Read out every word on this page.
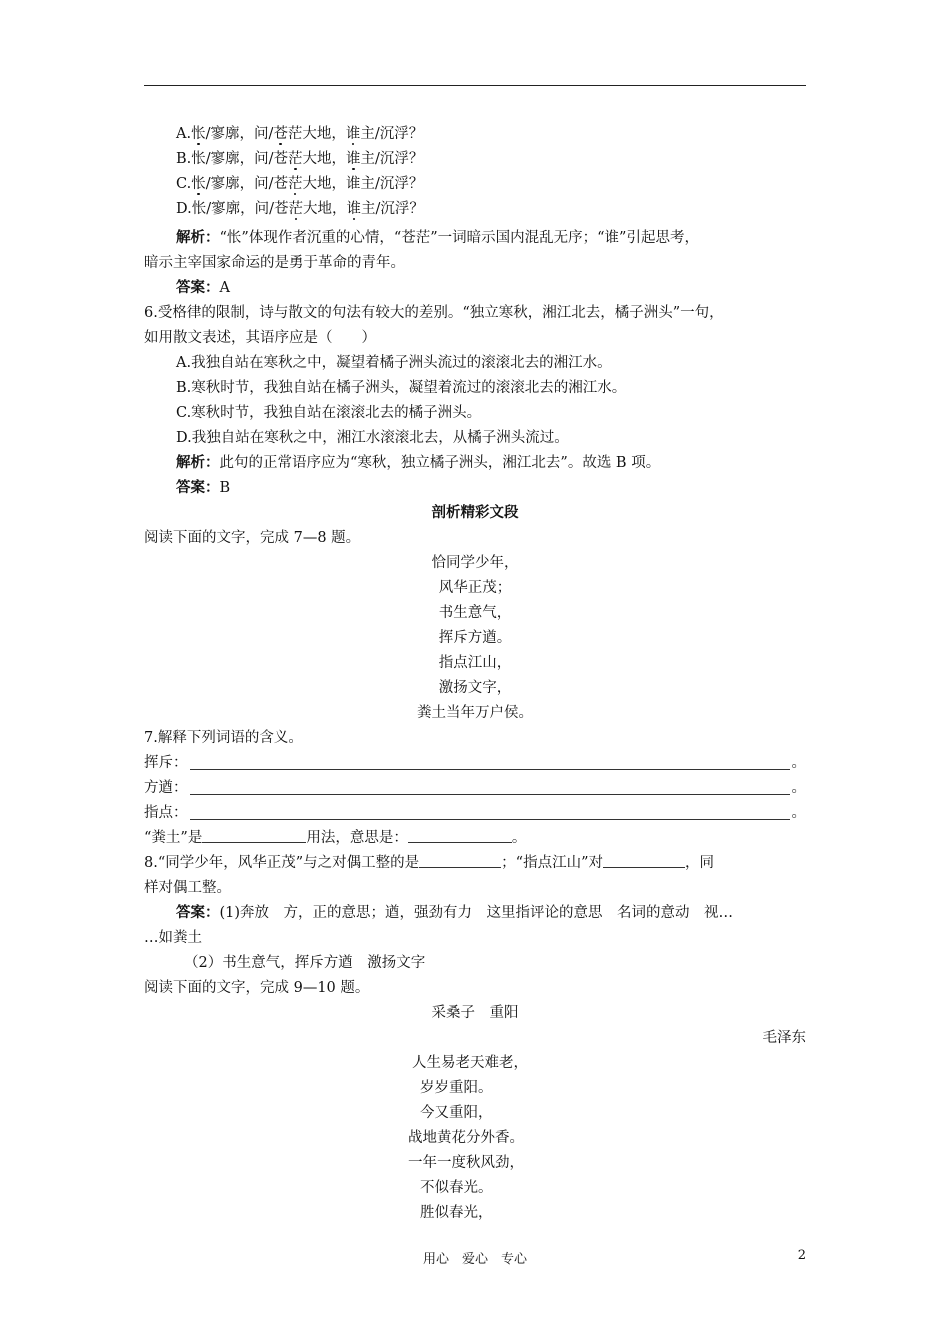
A.怅/寥廓，问/苍茫大地，谁主/沉浮？
B.怅/寥廓，问/苍茫大地，谁主/沉浮？
C.怅/寥廓，问/苍茫大地，谁主/沉浮？
D.怅/寥廓，问/苍茫大地，谁主/沉浮？
解析：“怅”体现作者沉重的心情，“苍茫”一词暗示国内混乱无序；“谁”引起思考，
暗示主宰国家命运的是勇于革命的青年。
答案：A
6.受格律的限制，诗与散文的句法有较大的差别。“独立寒秋，湘江北去，橘子洲头”一句，
如用散文表述，其语序应是（　　）
A.我独自站在寒秋之中，凝望着橘子洲头流过的滚滚北去的湘江水。
B.寒秋时节，我独自站在橘子洲头，凝望着流过的滚滚北去的湘江水。
C.寒秋时节，我独自站在滚滚北去的橘子洲头。
D.我独自站在寒秋之中，湘江水滚滚北去，从橘子洲头流过。
解析：此句的正常语序应为“寒秋，独立橘子洲头，湘江北去”。故选 B 项。
答案：B
剖析精彩文段
阅读下面的文字，完成 7—8 题。
恰同学少年，
风华正茂；
书生意气，
挥斥方遒。
指点江山，
激扬文字，
粪土当年万户侯。
7.解释下列词语的含义。
挥斥：	。
方遒：	。
指点：	。
“粪土”是	用法，意思是：	。
8.“同学少年，风华正茂”与之对偶工整的是	；“指点江山”对	，同
样对偶工整。
答案：(1)奔放　方，正的意思；遒，强劲有力　这里指评论的意思　名词的意动　视…
…如粪土
（2）书生意气，挥斥方遒　激扬文字
阅读下面的文字，完成 9—10 题。
采桑子　重阳
毛泽东
人生易老天难老，
岁岁重阳。
今又重阳，
战地黄花分外香。
一年一度秋风劲，
不似春光。
胜似春光，
用心　爱心　专心	2
